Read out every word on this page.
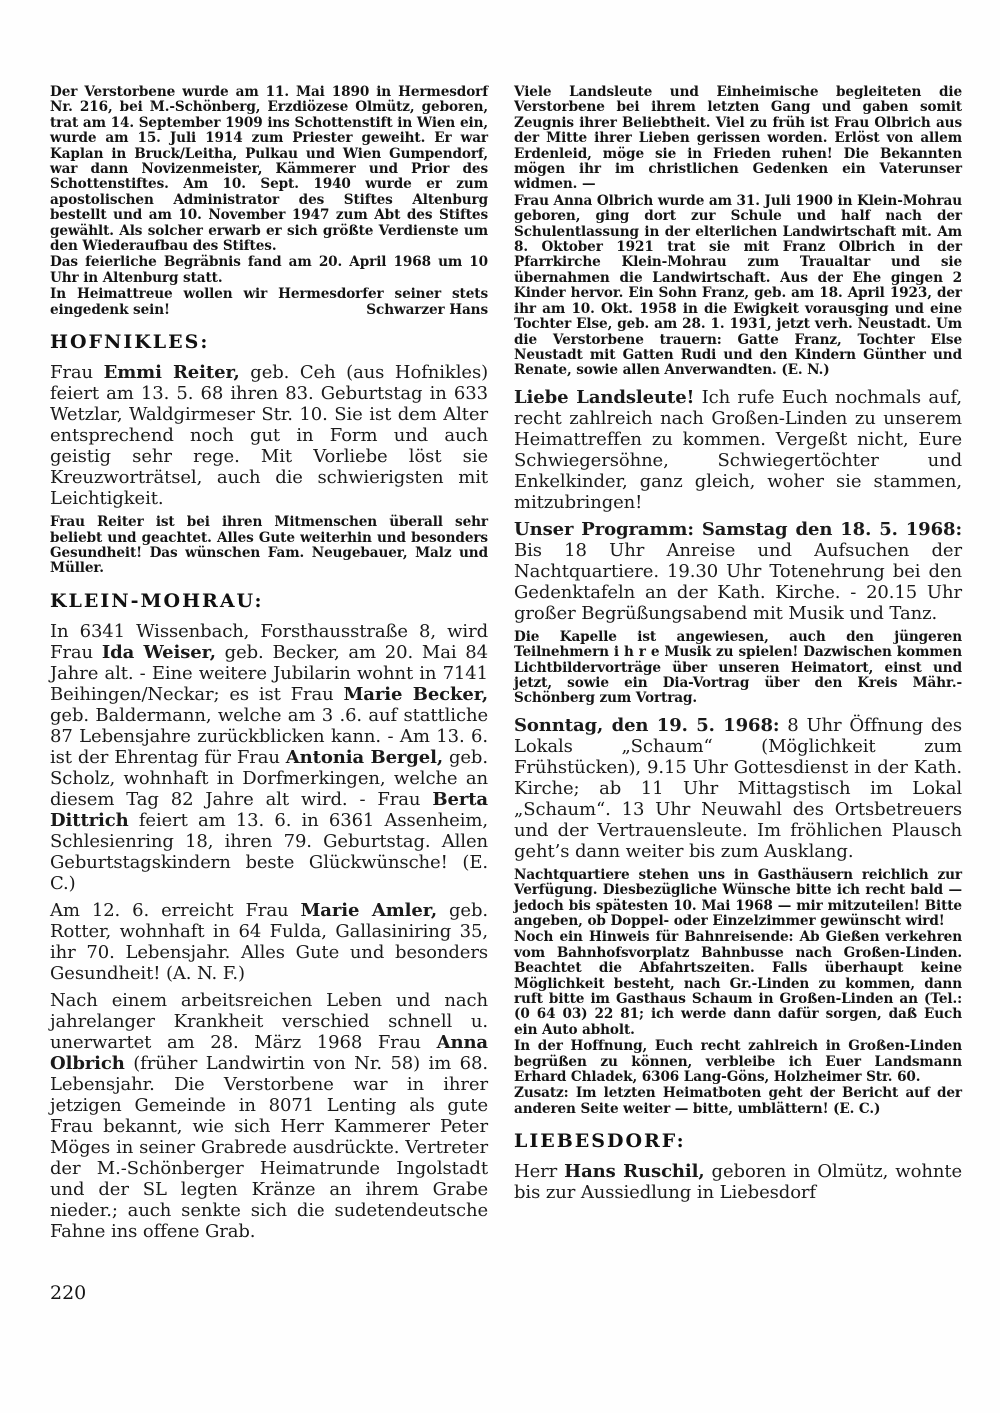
Der Verstorbene wurde am 11. Mai 1890 in Hermesdorf Nr. 216, bei M.-Schönberg, Erzdiözese Olmütz, geboren, trat am 14. September 1909 ins Schottenstift in Wien ein, wurde am 15. Juli 1914 zum Priester geweiht. Er war Kaplan in Bruck/Leitha, Pulkau und Wien Gumpendorf, war dann Novizenmeister, Kämmerer und Prior des Schottenstiftes. Am 10. Sept. 1940 wurde er zum apostolischen Administrator des Stiftes Altenburg bestellt und am 10. November 1947 zum Abt des Stiftes gewählt. Als solcher erwarb er sich größte Verdienste um den Wiederaufbau des Stiftes.

Das feierliche Begräbnis fand am 20. April 1968 um 10 Uhr in Altenburg statt.

In Heimattreue wollen wir Hermesdorfer seiner stets eingedenk sein!	Schwarzer Hans

HOFNIKLES:

Frau Emmi Reiter, geb. Ceh (aus Hofnikles) feiert am 13. 5. 68 ihren 83. Geburtstag in 633 Wetzlar, Waldgirmeser Str. 10. Sie ist dem Alter entsprechend noch gut in Form und auch geistig sehr rege. Mit Vorliebe löst sie Kreuzworträtsel, auch die schwierigsten mit Leichtigkeit.

Frau Reiter ist bei ihren Mitmenschen überall sehr beliebt und geachtet. Alles Gute weiterhin und besonders Gesundheit! Das wünschen Fam. Neugebauer, Malz und Müller.

KLEIN-MOHRAU:

In 6341 Wissenbach, Forsthausstraße 8, wird Frau Ida Weiser, geb. Becker, am 20. Mai 84 Jahre alt. - Eine weitere Jubilarin wohnt in 7141 Beihingen/Neckar; es ist Frau Marie Becker, geb. Baldermann, welche am 3 .6. auf stattliche 87 Lebensjahre zurückblicken kann. - Am 13. 6. ist der Ehrentag für Frau Antonia Bergel, geb. Scholz, wohnhaft in Dorfmerkingen, welche an diesem Tag 82 Jahre alt wird. - Frau Berta Dittrich feiert am 13. 6. in 6361 Assenheim, Schlesienring 18, ihren 79. Geburtstag. Allen Geburtstagskindern beste Glückwünsche! (E. C.)

Am 12. 6. erreicht Frau Marie Amler, geb. Rotter, wohnhaft in 64 Fulda, Gallasiniring 35, ihr 70. Lebensjahr. Alles Gute und besonders Gesundheit! (A. N. F.)

Nach einem arbeitsreichen Leben und nach jahrelanger Krankheit verschied schnell u. unerwartet am 28. März 1968 Frau Anna Olbrich (früher Landwirtin von Nr. 58) im 68. Lebensjahr. Die Verstorbene war in ihrer jetzigen Gemeinde in 8071 Lenting als gute Frau bekannt, wie sich Herr Kammerer Peter Möges in seiner Grabrede ausdrückte. Vertreter der M.-Schönberger Heimatrunde Ingolstadt und der SL legten Kränze an ihrem Grabe nieder.; auch senkte sich die sudetendeutsche Fahne ins offene Grab.

Viele Landsleute und Einheimische begleiteten die Verstorbene bei ihrem letzten Gang und gaben somit Zeugnis ihrer Beliebtheit. Viel zu früh ist Frau Olbrich aus der Mitte ihrer Lieben gerissen worden. Erlöst von allem Erdenleid, möge sie in Frieden ruhen! Die Bekannten mögen ihr im christlichen Gedenken ein Vaterunser widmen. —

Frau Anna Olbrich wurde am 31. Juli 1900 in Klein-Mohrau geboren, ging dort zur Schule und half nach der Schulentlassung in der elterlichen Landwirtschaft mit. Am 8. Oktober 1921 trat sie mit Franz Olbrich in der Pfarrkirche Klein-Mohrau zum Traualtar und sie übernahmen die Landwirtschaft. Aus der Ehe gingen 2 Kinder hervor. Ein Sohn Franz, geb. am 18. April 1923, der ihr am 10. Okt. 1958 in die Ewigkeit vorausging und eine Tochter Else, geb. am 28. 1. 1931, jetzt verh. Neustadt. Um die Verstorbene trauern: Gatte Franz, Tochter Else Neustadt mit Gatten Rudi und den Kindern Günther und Renate, sowie allen Anverwandten. (E. N.)

Liebe Landsleute! Ich rufe Euch nochmals auf, recht zahlreich nach Großen-Linden zu unserem Heimattreffen zu kommen. Vergeßt nicht, Eure Schwiegersöhne, Schwiegertöchter und Enkelkinder, ganz gleich, woher sie stammen, mitzubringen!

Unser Programm: Samstag den 18. 5. 1968: Bis 18 Uhr Anreise und Aufsuchen der Nachtquartiere. 19.30 Uhr Totenehrung bei den Gedenktafeln an der Kath. Kirche. - 20.15 Uhr großer Begrüßungsabend mit Musik und Tanz.

Die Kapelle ist angewiesen, auch den jüngeren Teilnehmern i h r e Musik zu spielen! Dazwischen kommen Lichtbildervorträge über unseren Heimatort, einst und jetzt, sowie ein Dia-Vortrag über den Kreis Mähr.-Schönberg zum Vortrag.

Sonntag, den 19. 5. 1968: 8 Uhr Öffnung des Lokals „Schaum“ (Möglichkeit zum Frühstücken), 9.15 Uhr Gottesdienst in der Kath. Kirche; ab 11 Uhr Mittagstisch im Lokal „Schaum“. 13 Uhr Neuwahl des Ortsbetreuers und der Vertrauensleute. Im fröhlichen Plausch geht’s dann weiter bis zum Ausklang.

Nachtquartiere stehen uns in Gasthäusern reichlich zur Verfügung. Diesbezügliche Wünsche bitte ich recht bald — jedoch bis spätesten 10. Mai 1968 — mir mitzuteilen! Bitte angeben, ob Doppel- oder Einzelzimmer gewünscht wird!

Noch ein Hinweis für Bahnreisende: Ab Gießen verkehren vom Bahnhofsvorplatz Bahnbusse nach Großen-Linden. Beachtet die Abfahrtszeiten. Falls überhaupt keine Möglichkeit besteht, nach Gr.-Linden zu kommen, dann ruft bitte im Gasthaus Schaum in Großen-Linden an (Tel.: (0 64 03) 22 81; ich werde dann dafür sorgen, daß Euch ein Auto abholt.

In der Hoffnung, Euch recht zahlreich in Großen-Linden begrüßen zu können, verbleibe ich Euer Landsmann Erhard Chladek, 6306 Lang-Göns, Holzheimer Str. 60.

Zusatz: Im letzten Heimatboten geht der Bericht auf der anderen Seite weiter — bitte, umblättern! (E. C.)

LIEBESDORF:

Herr Hans Ruschil, geboren in Olmütz, wohnte bis zur Aussiedlung in Liebesdorf

220
